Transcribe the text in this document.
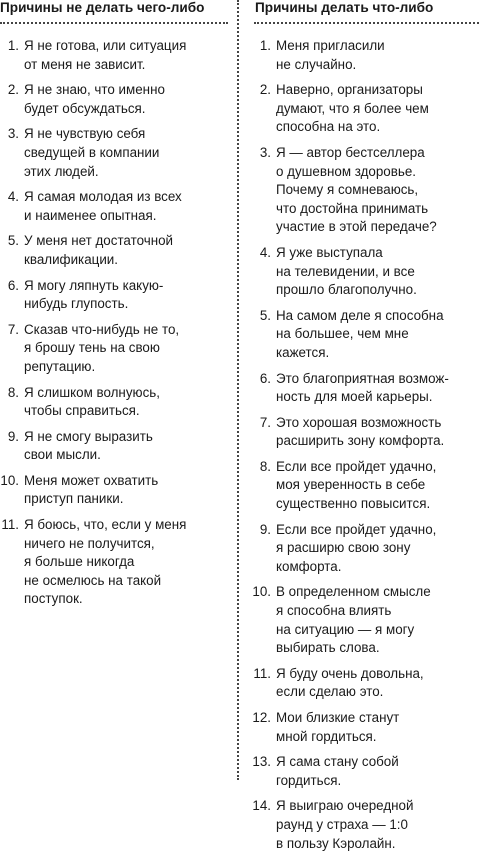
Причины не делать чего-либо
1. Я не готова, или ситуация
от меня не зависит.
2. Я не знаю, что именно
будет обсуждаться.
3. Я не чувствую себя
сведущей в компании
этих людей.
4. Я самая молодая из всех
и наименее опытная.
5. У меня нет достаточной
квалификации.
6. Я могу ляпнуть какую-
нибудь глупость.
7. Сказав что-нибудь не то,
я брошу тень на свою
репутацию.
8. Я слишком волнуюсь,
чтобы справиться.
9. Я не смогу выразить
свои мысли.
10. Меня может охватить
приступ паники.
11. Я боюсь, что, если у меня
ничего не получится,
я больше никогда
не осмелюсь на такой
поступок.
Причины делать что-либо
1. Меня пригласили
не случайно.
2. Наверно, организаторы
думают, что я более чем
способна на это.
3. Я — автор бестселлера
о душевном здоровье.
Почему я сомневаюсь,
что достойна принимать
участие в этой передаче?
4. Я уже выступала
на телевидении, и все
прошло благополучно.
5. На самом деле я способна
на большее, чем мне
кажется.
6. Это благоприятная возмож-
ность для моей карьеры.
7. Это хорошая возможность
расширить зону комфорта.
8. Если все пройдет удачно,
моя уверенность в себе
существенно повысится.
9. Если все пройдет удачно,
я расширю свою зону
комфорта.
10. В определенном смысле
я способна влиять
на ситуацию — я могу
выбирать слова.
11. Я буду очень довольна,
если сделаю это.
12. Мои близкие станут
мной гордиться.
13. Я сама стану собой
гордиться.
14. Я выиграю очередной
раунд у страха — 1:0
в пользу Кэролайн.
